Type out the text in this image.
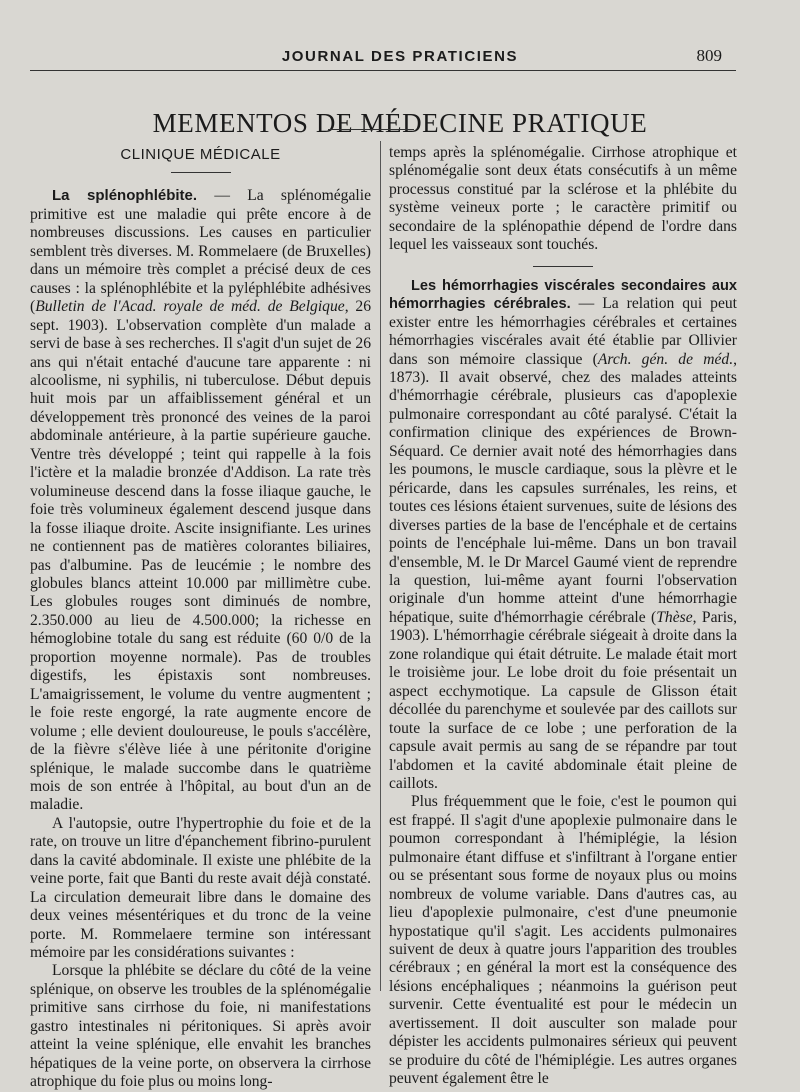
JOURNAL DES PRATICIENS	809
MEMENTOS DE MÉDECINE PRATIQUE
CLINIQUE MÉDICALE

La splénophlébite. — La splénomégalie primitive est une maladie qui prête encore à de nombreuses discussions. Les causes en particulier semblent très diverses. M. Rommelaere (de Bruxelles) dans un mémoire très complet a précisé deux de ces causes : la splénophlébite et la pyléphlébite adhésives (Bulletin de l'Acad. royale de méd. de Belgique, 26 sept. 1903). L'observation complète d'un malade a servi de base à ses recherches. Il s'agit d'un sujet de 26 ans qui n'était entaché d'aucune tare apparente : ni alcoolisme, ni syphilis, ni tuberculose. Début depuis huit mois par un affaiblissement général et un développement très prononcé des veines de la paroi abdominale antérieure, à la partie supérieure gauche. Ventre très développé ; teint qui rappelle à la fois l'ictère et la maladie bronzée d'Addison. La rate très volumineuse descend dans la fosse iliaque gauche, le foie très volumineux également descend jusque dans la fosse iliaque droite. Ascite insignifiante. Les urines ne contiennent pas de matières colorantes biliaires, pas d'albumine. Pas de leucémie ; le nombre des globules blancs atteint 10.000 par millimètre cube. Les globules rouges sont diminués de nombre, 2.350.000 au lieu de 4.500.000; la richesse en hémoglobine totale du sang est réduite (60 0/0 de la proportion moyenne normale). Pas de troubles digestifs, les épistaxis sont nombreuses. L'amaigrissement, le volume du ventre augmentent ; le foie reste engorgé, la rate augmente encore de volume ; elle devient douloureuse, le pouls s'accélère, de la fièvre s'élève liée à une péritonite d'origine splénique, le malade succombe dans le quatrième mois de son entrée à l'hôpital, au bout d'un an de maladie.

A l'autopsie, outre l'hypertrophie du foie et de la rate, on trouve un litre d'épanchement fibrino-purulent dans la cavité abdominale. Il existe une phlébite de la veine porte, fait que Banti du reste avait déjà constaté. La circulation demeurait libre dans le domaine des deux veines mésentériques et du tronc de la veine porte. M. Rommelaere termine son intéressant mémoire par les considérations suivantes :

Lorsque la phlébite se déclare du côté de la veine splénique, on observe les troubles de la splénomégalie primitive sans cirrhose du foie, ni manifestations gastro intestinales ni péritoniques. Si après avoir atteint la veine splénique, elle envahit les branches hépatiques de la veine porte, on observera la cirrhose atrophique du foie plus ou moins long-

temps après la splénomégalie. Cirrhose atrophique et splénomégalie sont deux états consécutifs à un même processus constitué par la sclérose et la phlébite du système veineux porte ; le caractère primitif ou secondaire de la splénopathie dépend de l'ordre dans lequel les vaisseaux sont touchés.

Les hémorrhagies viscérales secondaires aux hémorrhagies cérébrales. — La relation qui peut exister entre les hémorrhagies cérébrales et certaines hémorrhagies viscérales avait été établie par Ollivier dans son mémoire classique (Arch. gén. de méd., 1873). Il avait observé, chez des malades atteints d'hémorrhagie cérébrale, plusieurs cas d'apoplexie pulmonaire correspondant au côté paralysé. C'était la confirmation clinique des expériences de Brown-Séquard. Ce dernier avait noté des hémorrhagies dans les poumons, le muscle cardiaque, sous la plèvre et le péricarde, dans les capsules surrénales, les reins, et toutes ces lésions étaient survenues, suite de lésions des diverses parties de la base de l'encéphale et de certains points de l'encéphale lui-même. Dans un bon travail d'ensemble, M. le Dr Marcel Gaumé vient de reprendre la question, lui-même ayant fourni l'observation originale d'un homme atteint d'une hémorrhagie hépatique, suite d'hémorrhagie cérébrale (Thèse, Paris, 1903). L'hémorrhagie cérébrale siégeait à droite dans la zone rolandique qui était détruite. Le malade était mort le troisième jour. Le lobe droit du foie présentait un aspect ecchymotique. La capsule de Glisson était décollée du parenchyme et soulevée par des caillots sur toute la surface de ce lobe ; une perforation de la capsule avait permis au sang de se répandre par tout l'abdomen et la cavité abdominale était pleine de caillots.

Plus fréquemment que le foie, c'est le poumon qui est frappé. Il s'agit d'une apoplexie pulmonaire dans le poumon correspondant à l'hémiplégie, la lésion pulmonaire étant diffuse et s'infiltrant à l'organe entier ou se présentant sous forme de noyaux plus ou moins nombreux de volume variable. Dans d'autres cas, au lieu d'apoplexie pulmonaire, c'est d'une pneumonie hypostatique qu'il s'agit. Les accidents pulmonaires suivent de deux à quatre jours l'apparition des troubles cérébraux ; en général la mort est la conséquence des lésions encéphaliques ; néanmoins la guérison peut survenir. Cette éventualité est pour le médecin un avertissement. Il doit ausculter son malade pour dépister les accidents pulmonaires sérieux qui peuvent se produire du côté de l'hémiplégie. Les autres organes peuvent également être le
